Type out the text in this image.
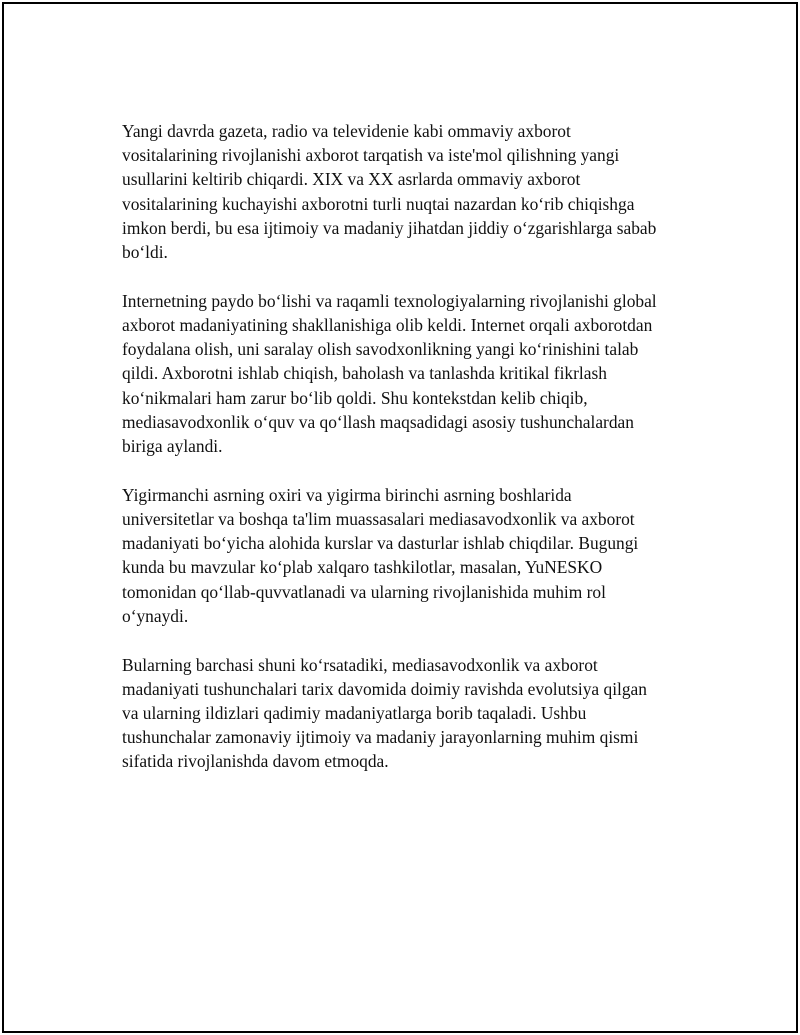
Yangi davrda gazeta, radio va televidenie kabi ommaviy axborot
vositalarining rivojlanishi axborot tarqatish va iste'mol qilishning yangi
usullarini keltirib chiqardi. XIX va XX asrlarda ommaviy axborot
vositalarining kuchayishi axborotni turli nuqtai nazardan koʻrib chiqishga
imkon berdi, bu esa ijtimoiy va madaniy jihatdan jiddiy oʻzgarishlarga sabab
boʻldi.

Internetning paydo boʻlishi va raqamli texnologiyalarning rivojlanishi global
axborot madaniyatining shakllanishiga olib keldi. Internet orqali axborotdan
foydalana olish, uni saralay olish savodxonlikning yangi koʻrinishini talab
qildi. Axborotni ishlab chiqish, baholash va tanlashda kritikal fikrlash
koʻnikmalari ham zarur boʻlib qoldi. Shu kontekstdan kelib chiqib,
mediasavodxonlik oʻquv va qoʻllash maqsadidagi asosiy tushunchalardan
biriga aylandi.

Yigirmanchi asrning oxiri va yigirma birinchi asrning boshlarida
universitetlar va boshqa ta'lim muassasalari mediasavodxonlik va axborot
madaniyati boʻyicha alohida kurslar va dasturlar ishlab chiqdilar. Bugungi
kunda bu mavzular koʻplab xalqaro tashkilotlar, masalan, YuNESKO
tomonidan qoʻllab-quvvatlanadi va ularning rivojlanishida muhim rol
oʻynaydi.

Bularning barchasi shuni koʻrsatadiki, mediasavodxonlik va axborot
madaniyati tushunchalari tarix davomida doimiy ravishda evolutsiya qilgan
va ularning ildizlari qadimiy madaniyatlarga borib taqaladi. Ushbu
tushunchalar zamonaviy ijtimoiy va madaniy jarayonlarning muhim qismi
sifatida rivojlanishda davom etmoqda.
